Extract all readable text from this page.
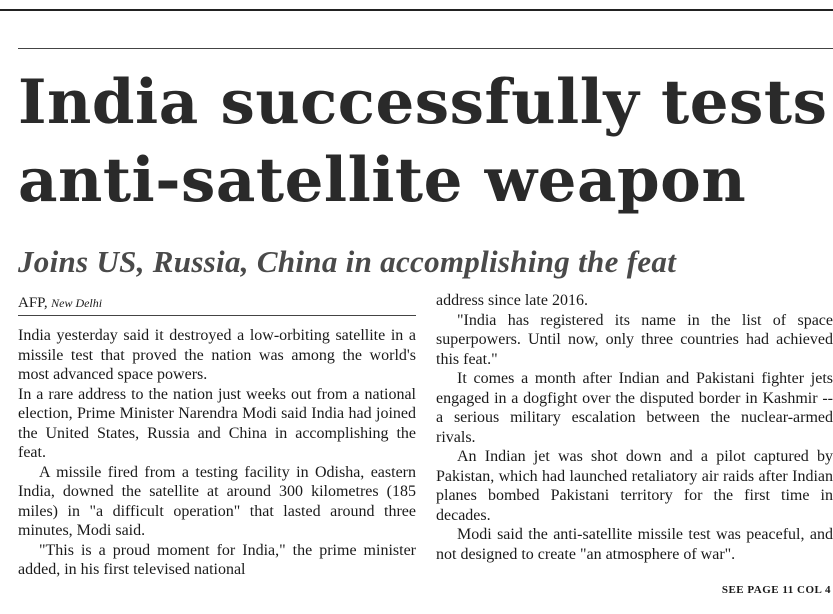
India successfully tests
anti-satellite weapon
Joins US, Russia, China in accomplishing the feat
AFP, New Delhi

India yesterday said it destroyed a low-orbiting satellite in a missile test that proved the nation was among the world's most advanced space powers.

In a rare address to the nation just weeks out from a national election, Prime Minister Narendra Modi said India had joined the United States, Russia and China in accomplishing the feat.

A missile fired from a testing facility in Odisha, eastern India, downed the satellite at around 300 kilometres (185 miles) in "a difficult operation" that lasted around three minutes, Modi said.

"This is a proud moment for India," the prime minister added, in his first televised national

address since late 2016.

"India has registered its name in the list of space superpowers. Until now, only three countries had achieved this feat."

It comes a month after Indian and Pakistani fighter jets engaged in a dogfight over the disputed border in Kashmir -- a serious military escalation between the nuclear-armed rivals.

An Indian jet was shot down and a pilot captured by Pakistan, which had launched retaliatory air raids after Indian planes bombed Pakistani territory for the first time in decades.

Modi said the anti-satellite missile test was peaceful, and not designed to create "an atmosphere of war".

SEE PAGE 11 COL 4
